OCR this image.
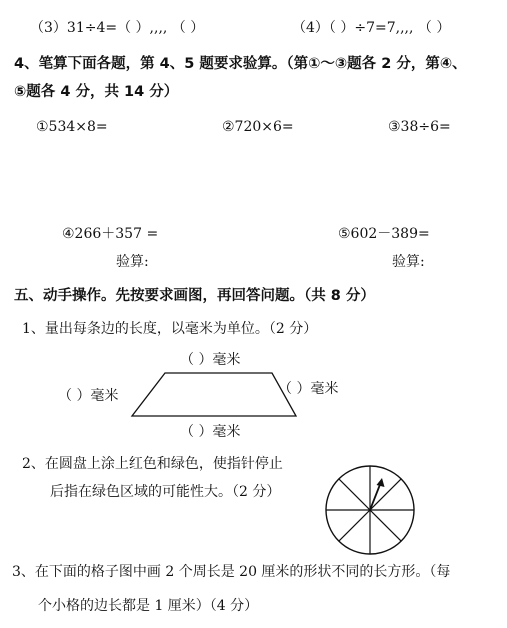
（3）31÷4=（ ）,,,, （ ）	（4）（ ）÷7=7,,,, （ ）
4、笔算下面各题，第 4、5 题要求验算。（第①～③题各 2 分，第④、
⑤题各 4 分，共 14 分）
①534×8=	②720×6=	③38÷6=
④266＋357 =	⑤602－389=
验算:	验算:
五、动手操作。先按要求画图，再回答问题。（共 8 分）
1、量出每条边的长度，以毫米为单位。（2 分）
（ ）毫米
（ ）毫米	（ ）毫米
（ ）毫米
2、在圆盘上涂上红色和绿色，使指针停止
后指在绿色区域的可能性大。（2 分）
3、在下面的格子图中画 2 个周长是 20 厘米的形状不同的长方形。（每
个小格的边长都是 1 厘米）（4 分）
